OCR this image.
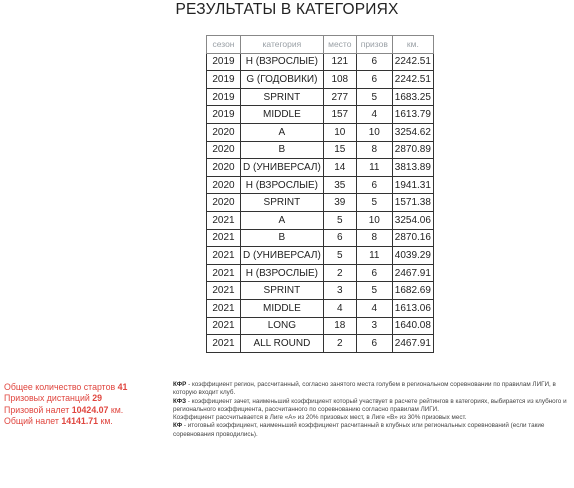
РЕЗУЛЬТАТЫ В КАТЕГОРИЯХ
сезон	категория	место	призов	км.
2019	H (ВЗРОСЛЫЕ)	121	6	2242.51
2019	G (ГОДОВИКИ)	108	6	2242.51
2019	SPRINT	277	5	1683.25
2019	MIDDLE	157	4	1613.79
2020	A	10	10	3254.62
2020	B	15	8	2870.89
2020	D (УНИВЕРСАЛ)	14	11	3813.89
2020	H (ВЗРОСЛЫЕ)	35	6	1941.31
2020	SPRINT	39	5	1571.38
2021	A	5	10	3254.06
2021	B	6	8	2870.16
2021	D (УНИВЕРСАЛ)	5	11	4039.29
2021	H (ВЗРОСЛЫЕ)	2	6	2467.91
2021	SPRINT	3	5	1682.69
2021	MIDDLE	4	4	1613.06
2021	LONG	18	3	1640.08
2021	ALL ROUND	2	6	2467.91
Общее количество стартов 41
Призовых дистанций 29
Призовой налет 10424.07 км.
Общий налет 14141.71 км.

КФР - коэффициент регион, рассчитанный, согласно занятого места голубем в региональном соревновании по правилам ЛИГИ, в которую входит клуб.

КФЗ - коэффициент зачет, наименьший коэффициент который участвует в расчете рейтингов в категориях, выбирается из клубного и регионального коэффициента, рассчитанного по соревнованию согласно правилам ЛИГИ.

Коэффициент рассчитывается в Лиге «А» из 20% призовых мест, в Лиге «В» из 30% призовых мест.

КФ - итоговый коэффициент, наименьший коэффициент расчитанный в клубных или региональных соревнований (если такие соревнования проводились).
